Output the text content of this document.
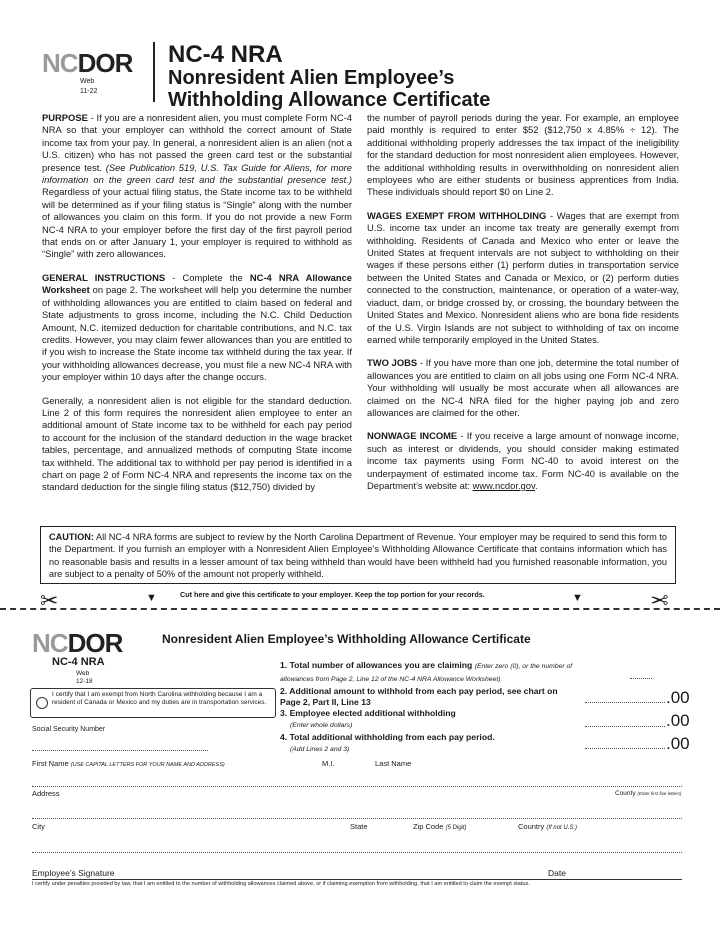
NCDOR
Web
11-22
NC-4 NRA
Nonresident Alien Employee’s
Withholding Allowance Certificate

PURPOSE - If you are a nonresident alien, you must complete Form NC-4 NRA so that your employer can withhold the correct amount of State income tax from your pay. In general, a nonresident alien is an alien (not a U.S. citizen) who has not passed the green card test or the substantial presence test. (See Publication 519, U.S. Tax Guide for Aliens, for more information on the green card test and the substantial presence test.) Regardless of your actual filing status, the State income tax to be withheld will be determined as if your filing status is “Single” along with the number of allowances you claim on this form. If you do not provide a new Form NC-4 NRA to your employer before the first day of the first payroll period that ends on or after January 1, your employer is required to withhold as “Single” with zero allowances.

GENERAL INSTRUCTIONS - Complete the NC-4 NRA Allowance Worksheet on page 2. The worksheet will help you determine the number of withholding allowances you are entitled to claim based on federal and State adjustments to gross income, including the N.C. Child Deduction Amount, N.C. itemized deduction for charitable contributions, and N.C. tax credits. However, you may claim fewer allowances than you are entitled to if you wish to increase the State income tax withheld during the tax year. If your withholding allowances decrease, you must file a new NC-4 NRA with your employer within 10 days after the change occurs.

Generally, a nonresident alien is not eligible for the standard deduction. Line 2 of this form requires the nonresident alien employee to enter an additional amount of State income tax to be withheld for each pay period to account for the inclusion of the standard deduction in the wage bracket tables, percentage, and annualized methods of computing State income tax withheld. The additional tax to withhold per pay period is identified in a chart on page 2 of Form NC-4 NRA and represents the income tax on the standard deduction for the single filing status ($12,750) divided by

the number of payroll periods during the year. For example, an employee paid monthly is required to enter $52 ($12,750 x 4.85% ÷ 12). The additional withholding properly addresses the tax impact of the ineligibility for the standard deduction for most nonresident alien employees. However, the additional withholding results in overwithholding on nonresident alien employees who are either students or business apprentices from India. These individuals should report $0 on Line 2.

WAGES EXEMPT FROM WITHHOLDING - Wages that are exempt from U.S. income tax under an income tax treaty are generally exempt from withholding. Residents of Canada and Mexico who enter or leave the United States at frequent intervals are not subject to withholding on their wages if these persons either (1) perform duties in transportation service between the United States and Canada or Mexico, or (2) perform duties connected to the construction, maintenance, or operation of a water-way, viaduct, dam, or bridge crossed by, or crossing, the boundary between the United States and Mexico. Nonresident aliens who are bona fide residents of the U.S. Virgin Islands are not subject to withholding of tax on income earned while temporarily employed in the United States.

TWO JOBS - If you have more than one job, determine the total number of allowances you are entitled to claim on all jobs using one Form NC-4 NRA. Your withholding will usually be most accurate when all allowances are claimed on the NC-4 NRA filed for the higher paying job and zero allowances are claimed for the other.

NONWAGE INCOME - If you receive a large amount of nonwage income, such as interest or dividends, you should consider making estimated income tax payments using Form NC-40 to avoid interest on the underpayment of estimated income tax. Form NC-40 is available on the Department’s website at: www.ncdor.gov.

CAUTION: All NC-4 NRA forms are subject to review by the North Carolina Department of Revenue. Your employer may be required to send this form to the Department. If you furnish an employer with a Nonresident Alien Employee’s Withholding Allowance Certificate that contains information which has no reasonable basis and results in a lesser amount of tax being withheld than would have been withheld had you furnished reasonable information, you are subject to a penalty of 50% of the amount not properly withheld.
✂	✂
▼	▼
Cut here and give this certificate to your employer. Keep the top portion for your records.
NCDOR	Nonresident Alien Employee’s Withholding Allowance Certificate
NC-4 NRA
Web
12-18
I certify that I am exempt from North Carolina withholding because I am a resident of Canada or Mexico and my duties are in transportation services.
Social Security Number
First Name (USE CAPITAL LETTERS FOR YOUR NAME AND ADDRESS)	M.I.	Last Name
Address	County (Enter first five letters)
City	State	Zip Code (5 Digit)	Country (If not U.S.)
Employee’s Signature	Date
I certify under penalties provided by law, that I am entitled to the number of withholding allowances claimed above, or if claiming exemption from withholding, that I am entitled to claim the exempt status.
1. Total number of allowances you are claiming (Enter zero (0), or the number of allowances from Page 2, Line 12 of the NC-4 NRA Allowance Worksheet)
2. Additional amount to withhold from each pay period, see chart on Page 2, Part II, Line 13	.00
3. Employee elected additional withholding
(Enter whole dollars)	.00
4. Total additional withholding from each pay period.
(Add Lines 2 and 3)	.00
